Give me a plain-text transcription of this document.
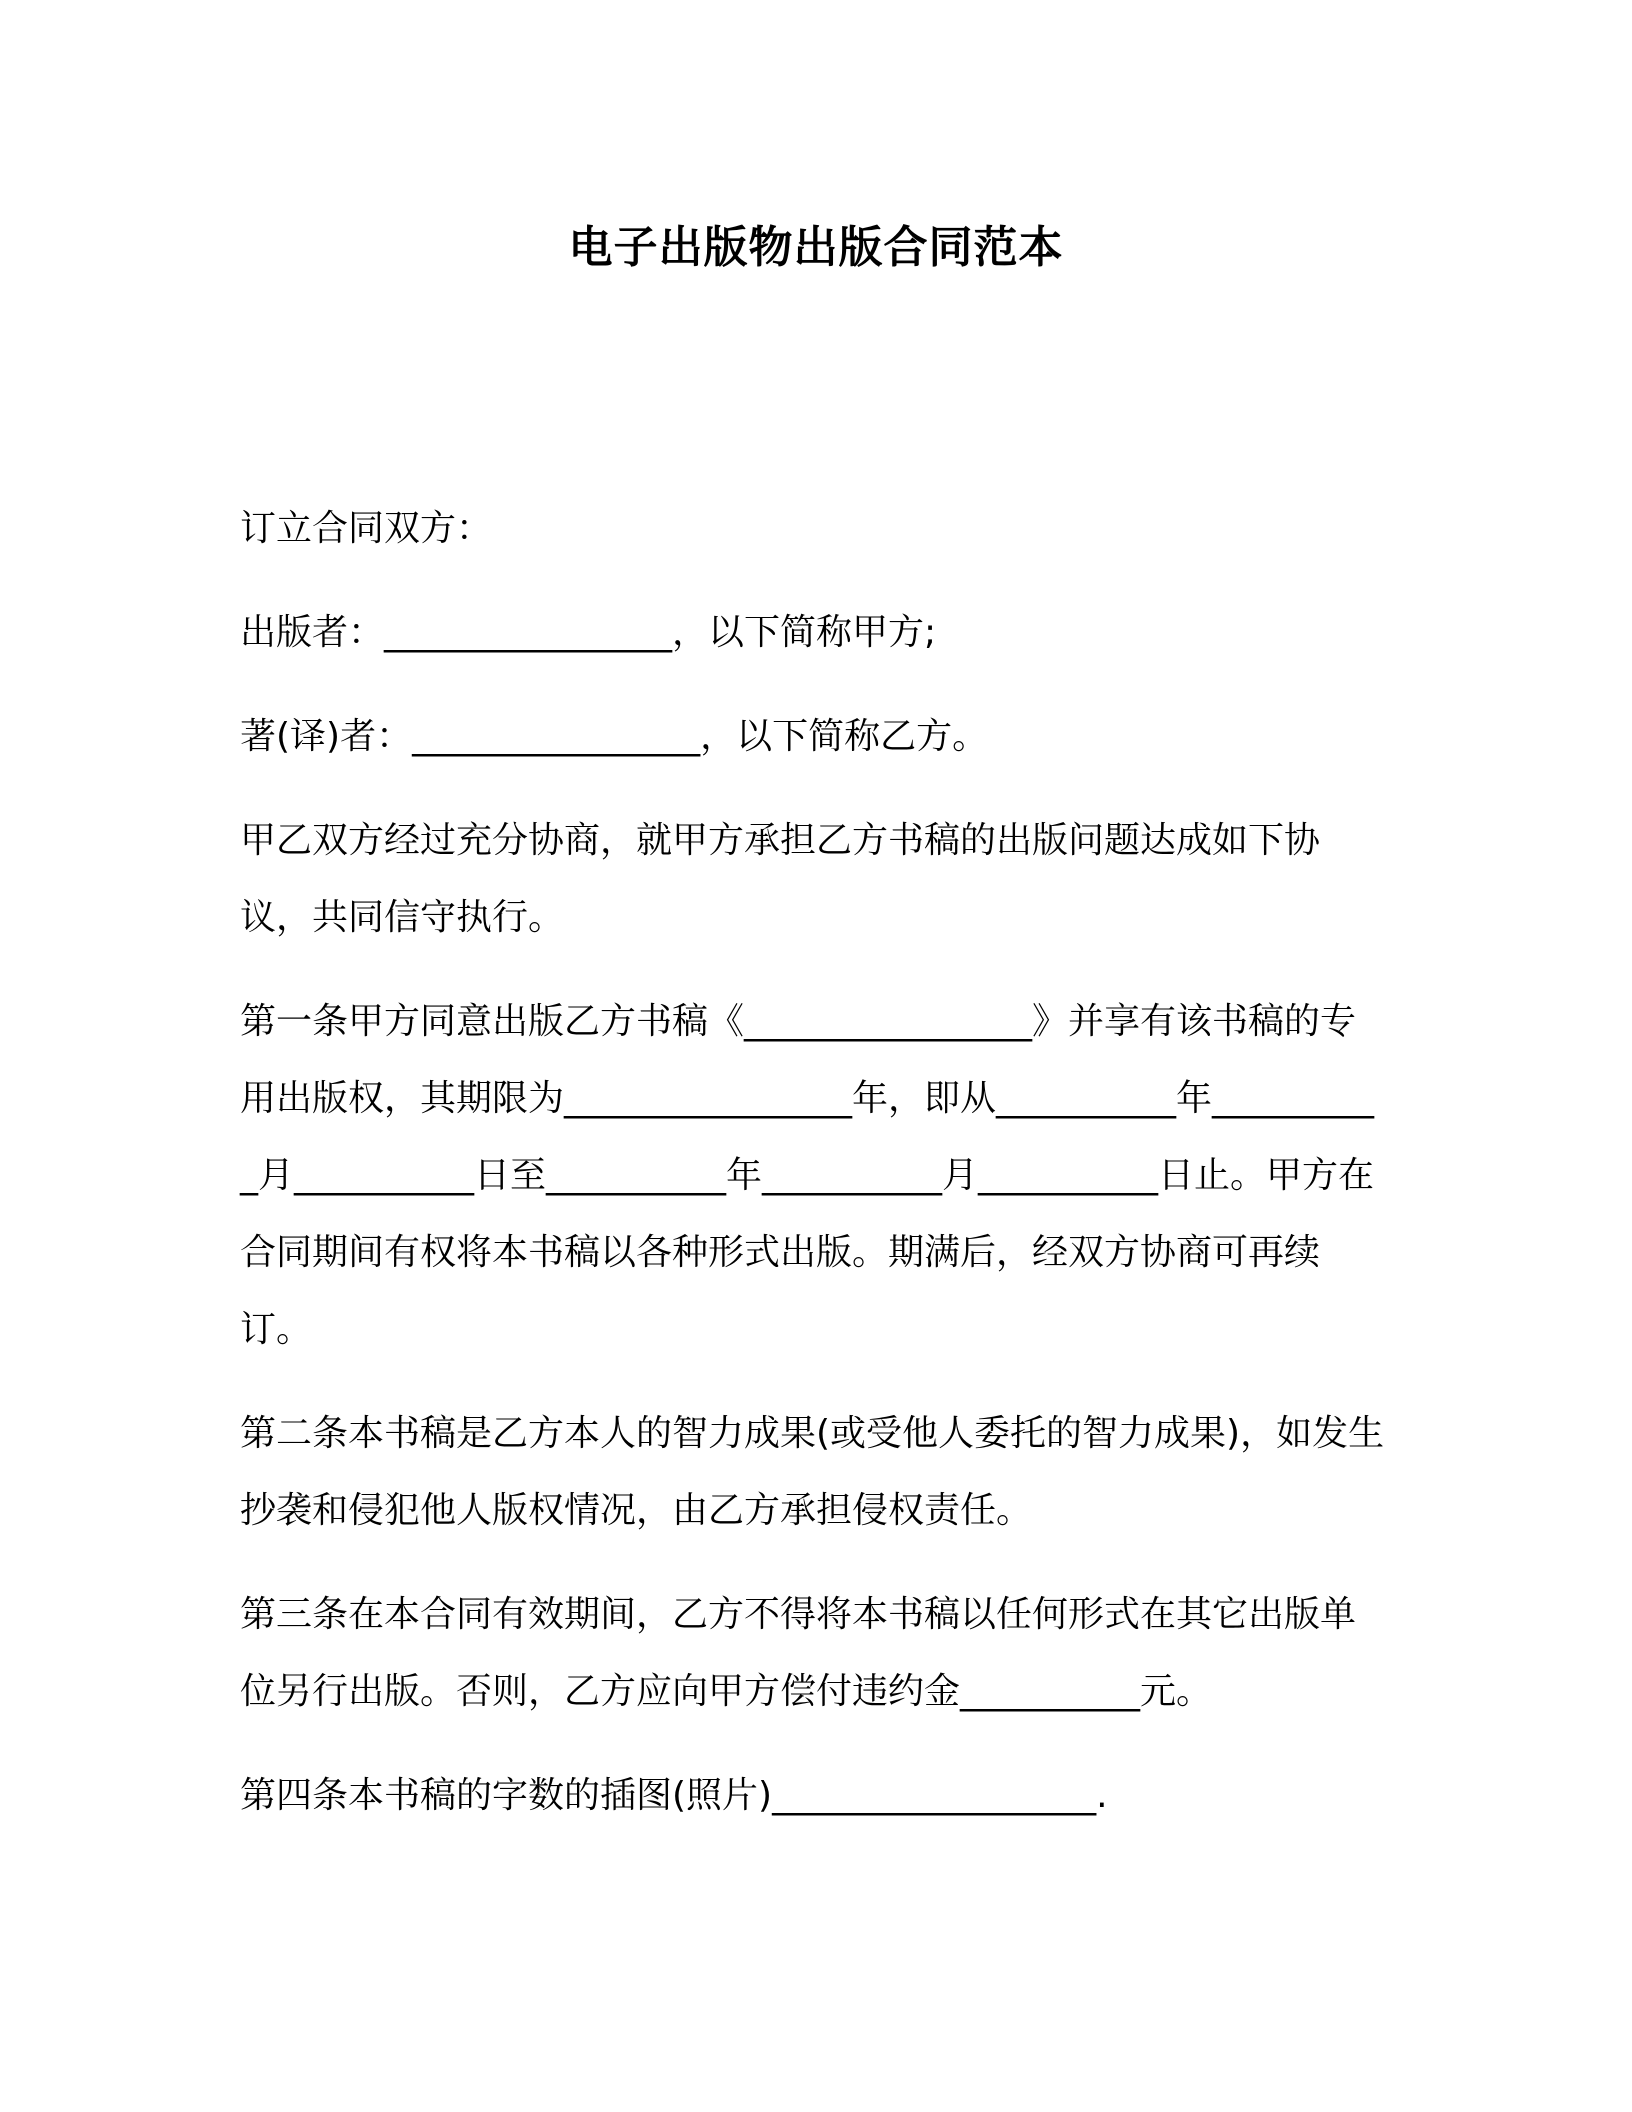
电子出版物出版合同范本

订立合同双方：

出版者：________________，以下简称甲方;

著(译)者：________________，以下简称乙方。

甲乙双方经过充分协商，就甲方承担乙方书稿的出版问题达成如下协议，共同信守执行。

第一条甲方同意出版乙方书稿《________________》并享有该书稿的专用出版权，其期限为________________年，即从__________年__________月__________日至__________年__________月__________日止。甲方在合同期间有权将本书稿以各种形式出版。期满后，经双方协商可再续订。

第二条本书稿是乙方本人的智力成果(或受他人委托的智力成果)，如发生抄袭和侵犯他人版权情况，由乙方承担侵权责任。

第三条在本合同有效期间，乙方不得将本书稿以任何形式在其它出版单位另行出版。否则，乙方应向甲方偿付违约金__________元。

第四条本书稿的字数的插图(照片)__________________.
